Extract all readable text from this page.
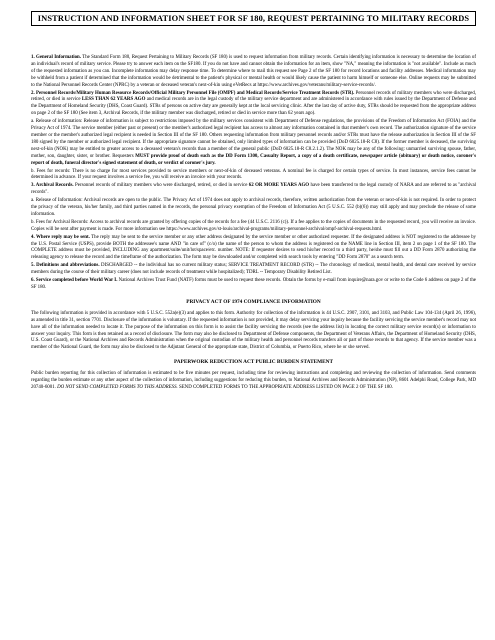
INSTRUCTION AND INFORMATION SHEET FOR SF 180, REQUEST PERTAINING TO MILITARY RECORDS

1. General Information. The Standard Form 180, Request Pertaining to Military Records (SF 180) is used to request information from military records. Certain identifying information is necessary to determine the location of an individual's record of military service. Please try to answer each item on the SF180. If you do not have and cannot obtain the information for an item, show "NA," meaning the information is "not available". Include as much of the requested information as you can. Incomplete information may delay response time. To determine where to mail this request see Page 2 of the SF 180 for record locations and facility addresses. Medical information may be withheld from a patient if determined that the information would be detrimental to the patient's physical or mental health or would likely cause the patient to harm himself or someone else. Online requests may be submitted to the National Personnel Records Center (NPRC) by a veteran or deceased veteran's next-of-kin using eVetRecs at https://www.archives.gov/veterans/military-service-records/.

2. Personnel Records/Military Human Resource Records/Official Military Personnel File (OMPF) and Medical Records/Service Treatment Records (STR). Personnel records of military members who were discharged, retired, or died in service LESS THAN 62 YEARS AGO and medical records are in the legal custody of the military service department and are administered in accordance with rules issued by the Department of Defense and the Department of Homeland Security (DHS, Coast Guard). STRs of persons on active duty are generally kept at the local servicing clinic. After the last day of active duty, STRs should be requested from the appropriate address on page 2 of the SF 180 (See item 3, Archival Records, if the military member was discharged, retired or died in service more than 62 years ago).

a. Release of information: Release of information is subject to restrictions imposed by the military services consistent with Department of Defense regulations, the provisions of the Freedom of Information Act (FOIA) and the Privacy Act of 1974. The service member (either past or present) or the member's authorized legal recipient has access to almost any information contained in that member's own record. The authorization signature of the service member or the member's authorized legal recipient is needed in Section III of the SF 180. Others requesting information from military personnel records and/or STRs must have the release authorization in Section III of the SF 180 signed by the member or authorized legal recipient. If the appropriate signature cannot be obtained, only limited types of information can be provided (DoD 6025.18-R C8). If the former member is deceased, the surviving next-of-kin (NOK) may be entitled to greater access to a deceased veteran's records than a member of the general public (DoD 6025.18-R C8.2.1.2). The NOK may be any of the following: unmarried surviving spouse, father, mother, son, daughter, sister, or brother. Requesters MUST provide proof of death such as the DD Form 1300, Casualty Report, a copy of a death certificate, newspaper article (obituary) or death notice, coroner's report of death, funeral director's signed statement of death, or verdict of coroner's jury.

b. Fees for records: There is no charge for most services provided to service members or next-of-kin of deceased veterans. A nominal fee is charged for certain types of service. In most instances, service fees cannot be determined in advance. If your request involves a service fee, you will receive an invoice with your records.

3. Archival Records. Personnel records of military members who were discharged, retired, or died in service 62 OR MORE YEARS AGO have been transferred to the legal custody of NARA and are referred to as "archival records".

a. Release of Information: Archival records are open to the public. The Privacy Act of 1974 does not apply to archival records, therefore, written authorization from the veteran or next-of-kin is not required. In order to protect the privacy of the veteran, his/her family, and third parties named in the records, the personal privacy exemption of the Freedom of Information Act (5 U.S.C. 552 (b)(6)) may still apply and may preclude the release of some information.

b. Fees for Archival Records: Access to archival records are granted by offering copies of the records for a fee (44 U.S.C. 2116 (c)). If a fee applies to the copies of documents in the requested record, you will receive an invoice. Copies will be sent after payment is made. For more information see https://www.archives.gov/st-louis/archival-programs/military-personnel-archival/ompf-archival-requests.html.

4. Where reply may be sent. The reply may be sent to the service member or any other address designated by the service member or other authorized requester. If the designated address is NOT registered to the addressee by the U.S. Postal Service (USPS), provide BOTH the addressee's name AND "in care of" (c/o) the name of the person to whom the address is registered on the NAME line in Section III, item 2 on page 1 of the SF 180. The COMPLETE address must be provided, INCLUDING any apartment/suite/unit/lot/space/etc. number. NOTE: If requester desires to send his/her record to a third party, he/she must fill out a DD Form 2870 authorizing the releasing agency to release the record and the timeframe of the authorization. The form may be downloaded and/or completed with search tools by entering "DD Form 2870" as a search term.

5. Definitions and abbreviations. DISCHARGED -- the individual has no current military status; SERVICE TREATMENT RECORD (STR) -- The chronology of medical, mental health, and dental care received by service members during the course of their military career (does not include records of treatment while hospitalized); TDRL -- Temporary Disability Retired List.

6. Service completed before World War I. National Archives Trust Fund (NATF) forms must be used to request these records. Obtain the forms by e-mail from inquire@nara.gov or write to the Code 6 address on page 2 of the SF 180.

PRIVACY ACT OF 1974 COMPLIANCE INFORMATION

The following information is provided in accordance with 5 U.S.C. 552a(e)(3) and applies to this form. Authority for collection of the information is 44 U.S.C. 2907, 3101, and 3103, and Public Law 104-134 (April 26, 1996), as amended in title 31, section 7701. Disclosure of the information is voluntary. If the requested information is not provided, it may delay servicing your inquiry because the facility servicing the service member's record may not have all of the information needed to locate it. The purpose of the information on this form is to assist the facility servicing the records (see the address list) in locating the correct military service record(s) or information to answer your inquiry. This form is then retained as a record of disclosure. The form may also be disclosed to Department of Defense components, the Department of Veterans Affairs, the Department of Homeland Security (DHS, U.S. Coast Guard), or the National Archives and Records Administration when the original custodian of the military health and personnel records transfers all or part of those records to that agency. If the service member was a member of the National Guard, the form may also be disclosed to the Adjutant General of the appropriate state, District of Columbia, or Puerto Rico, where he or she served.

PAPERWORK REDUCTION ACT PUBLIC BURDEN STATEMENT

Public burden reporting for this collection of information is estimated to be five minutes per request, including time for reviewing instructions and completing and reviewing the collection of information. Send comments regarding the burden estimate or any other aspect of the collection of information, including suggestions for reducing this burden, to National Archives and Records Administration (NP), 8601 Adelphi Road, College Park, MD 20740-6001. DO NOT SEND COMPLETED FORMS TO THIS ADDRESS. SEND COMPLETED FORMS TO THE APPROPRIATE ADDRESS LISTED ON PAGE 2 OF THE SF 180.
